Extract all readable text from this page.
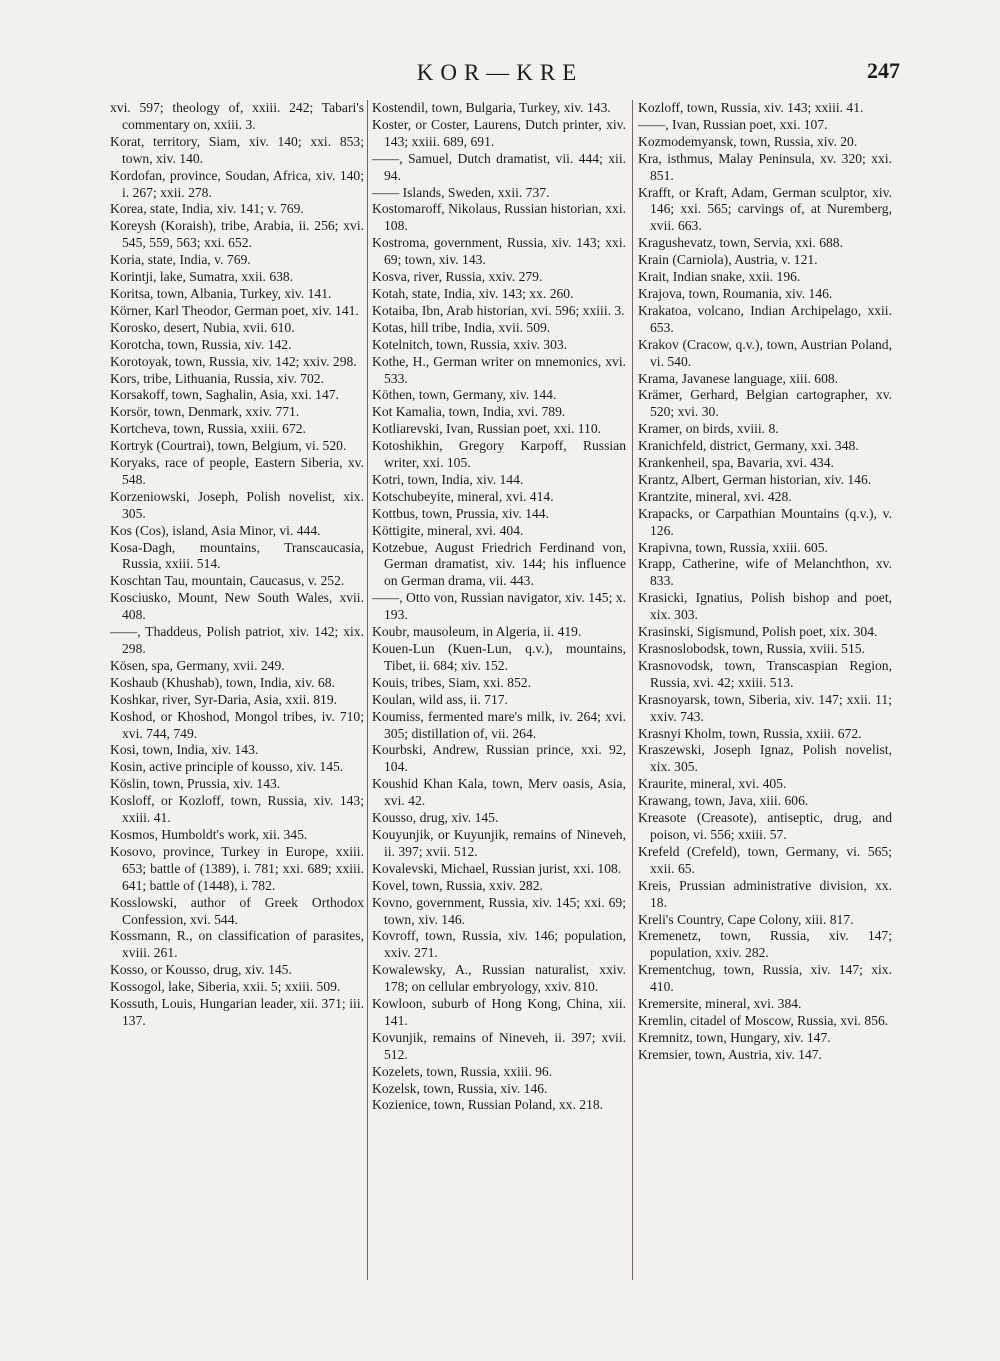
KOR—KRE	247

xvi. 597; theology of, xxiii. 242; Tabari's commentary on, xxiii. 3.

Korat, territory, Siam, xiv. 140; xxi. 853; town, xiv. 140.

Kordofan, province, Soudan, Africa, xiv. 140; i. 267; xxii. 278.

Korea, state, India, xiv. 141; v. 769.

Koreysh (Koraish), tribe, Arabia, ii. 256; xvi. 545, 559, 563; xxi. 652.

Koria, state, India, v. 769.

Korintji, lake, Sumatra, xxii. 638.

Koritsa, town, Albania, Turkey, xiv. 141.

Körner, Karl Theodor, German poet, xiv. 141.

Korosko, desert, Nubia, xvii. 610.

Korotcha, town, Russia, xiv. 142.

Korotoyak, town, Russia, xiv. 142; xxiv. 298.

Kors, tribe, Lithuania, Russia, xiv. 702.

Korsakoff, town, Saghalin, Asia, xxi. 147.

Korsör, town, Denmark, xxiv. 771.

Kortcheva, town, Russia, xxiii. 672.

Kortryk (Courtrai), town, Belgium, vi. 520.

Koryaks, race of people, Eastern Siberia, xv. 548.

Korzeniowski, Joseph, Polish novelist, xix. 305.

Kos (Cos), island, Asia Minor, vi. 444.

Kosa-Dagh, mountains, Transcaucasia, Russia, xxiii. 514.

Koschtan Tau, mountain, Caucasus, v. 252.

Kosciusko, Mount, New South Wales, xvii. 408.

——, Thaddeus, Polish patriot, xiv. 142; xix. 298.

Kösen, spa, Germany, xvii. 249.

Koshaub (Khushab), town, India, xiv. 68.

Koshkar, river, Syr-Daria, Asia, xxii. 819.

Koshod, or Khoshod, Mongol tribes, iv. 710; xvi. 744, 749.

Kosi, town, India, xiv. 143.

Kosin, active principle of kousso, xiv. 145.

Köslin, town, Prussia, xiv. 143.

Kosloff, or Kozloff, town, Russia, xiv. 143; xxiii. 41.

Kosmos, Humboldt's work, xii. 345.

Kosovo, province, Turkey in Europe, xxiii. 653; battle of (1389), i. 781; xxi. 689; xxiii. 641; battle of (1448), i. 782.

Kosslowski, author of Greek Orthodox Confession, xvi. 544.

Kossmann, R., on classification of parasites, xviii. 261.

Kosso, or Kousso, drug, xiv. 145.

Kossogol, lake, Siberia, xxii. 5; xxiii. 509.

Kossuth, Louis, Hungarian leader, xii. 371; iii. 137.

Kostendil, town, Bulgaria, Turkey, xiv. 143.

Koster, or Coster, Laurens, Dutch printer, xiv. 143; xxiii. 689, 691.

——, Samuel, Dutch dramatist, vii. 444; xii. 94.

—— Islands, Sweden, xxii. 737.

Kostomaroff, Nikolaus, Russian historian, xxi. 108.

Kostroma, government, Russia, xiv. 143; xxi. 69; town, xiv. 143.

Kosva, river, Russia, xxiv. 279.

Kotah, state, India, xiv. 143; xx. 260.

Kotaiba, Ibn, Arab historian, xvi. 596; xxiii. 3.

Kotas, hill tribe, India, xvii. 509.

Kotelnitch, town, Russia, xxiv. 303.

Kothe, H., German writer on mnemonics, xvi. 533.

Köthen, town, Germany, xiv. 144.

Kot Kamalia, town, India, xvi. 789.

Kotliarevski, Ivan, Russian poet, xxi. 110.

Kotoshikhin, Gregory Karpoff, Russian writer, xxi. 105.

Kotri, town, India, xiv. 144.

Kotschubeyite, mineral, xvi. 414.

Kottbus, town, Prussia, xiv. 144.

Köttigite, mineral, xvi. 404.

Kotzebue, August Friedrich Ferdinand von, German dramatist, xiv. 144; his influence on German drama, vii. 443.

——, Otto von, Russian navigator, xiv. 145; x. 193.

Koubr, mausoleum, in Algeria, ii. 419.

Kouen-Lun (Kuen-Lun, q.v.), mountains, Tibet, ii. 684; xiv. 152.

Kouis, tribes, Siam, xxi. 852.

Koulan, wild ass, ii. 717.

Koumiss, fermented mare's milk, iv. 264; xvi. 305; distillation of, vii. 264.

Kourbski, Andrew, Russian prince, xxi. 92, 104.

Koushid Khan Kala, town, Merv oasis, Asia, xvi. 42.

Kousso, drug, xiv. 145.

Kouyunjik, or Kuyunjik, remains of Nineveh, ii. 397; xvii. 512.

Kovalevski, Michael, Russian jurist, xxi. 108.

Kovel, town, Russia, xxiv. 282.

Kovno, government, Russia, xiv. 145; xxi. 69; town, xiv. 146.

Kovroff, town, Russia, xiv. 146; population, xxiv. 271.

Kowalewsky, A., Russian naturalist, xxiv. 178; on cellular embryology, xxiv. 810.

Kowloon, suburb of Hong Kong, China, xii. 141.

Kovunjik, remains of Nineveh, ii. 397; xvii. 512.

Kozelets, town, Russia, xxiii. 96.

Kozelsk, town, Russia, xiv. 146.

Kozienice, town, Russian Poland, xx. 218.

Kozloff, town, Russia, xiv. 143; xxiii. 41.

——, Ivan, Russian poet, xxi. 107.

Kozmodemyansk, town, Russia, xiv. 20.

Kra, isthmus, Malay Peninsula, xv. 320; xxi. 851.

Krafft, or Kraft, Adam, German sculptor, xiv. 146; xxi. 565; carvings of, at Nuremberg, xvii. 663.

Kragushevatz, town, Servia, xxi. 688.

Krain (Carniola), Austria, v. 121.

Krait, Indian snake, xxii. 196.

Krajova, town, Roumania, xiv. 146.

Krakatoa, volcano, Indian Archipelago, xxii. 653.

Krakov (Cracow, q.v.), town, Austrian Poland, vi. 540.

Krama, Javanese language, xiii. 608.

Krämer, Gerhard, Belgian cartographer, xv. 520; xvi. 30.

Kramer, on birds, xviii. 8.

Kranichfeld, district, Germany, xxi. 348.

Krankenheil, spa, Bavaria, xvi. 434.

Krantz, Albert, German historian, xiv. 146.

Krantzite, mineral, xvi. 428.

Krapacks, or Carpathian Mountains (q.v.), v. 126.

Krapivna, town, Russia, xxiii. 605.

Krapp, Catherine, wife of Melanchthon, xv. 833.

Krasicki, Ignatius, Polish bishop and poet, xix. 303.

Krasinski, Sigismund, Polish poet, xix. 304.

Krasnoslobodsk, town, Russia, xviii. 515.

Krasnovodsk, town, Transcaspian Region, Russia, xvi. 42; xxiii. 513.

Krasnoyarsk, town, Siberia, xiv. 147; xxii. 11; xxiv. 743.

Krasnyi Kholm, town, Russia, xxiii. 672.

Kraszewski, Joseph Ignaz, Polish novelist, xix. 305.

Kraurite, mineral, xvi. 405.

Krawang, town, Java, xiii. 606.

Kreasote (Creasote), antiseptic, drug, and poison, vi. 556; xxiii. 57.

Krefeld (Crefeld), town, Germany, vi. 565; xxii. 65.

Kreis, Prussian administrative division, xx. 18.

Kreli's Country, Cape Colony, xiii. 817.

Kremenetz, town, Russia, xiv. 147; population, xxiv. 282.

Krementchug, town, Russia, xiv. 147; xix. 410.

Kremersite, mineral, xvi. 384.

Kremlin, citadel of Moscow, Russia, xvi. 856.

Kremnitz, town, Hungary, xiv. 147.

Kremsier, town, Austria, xiv. 147.
